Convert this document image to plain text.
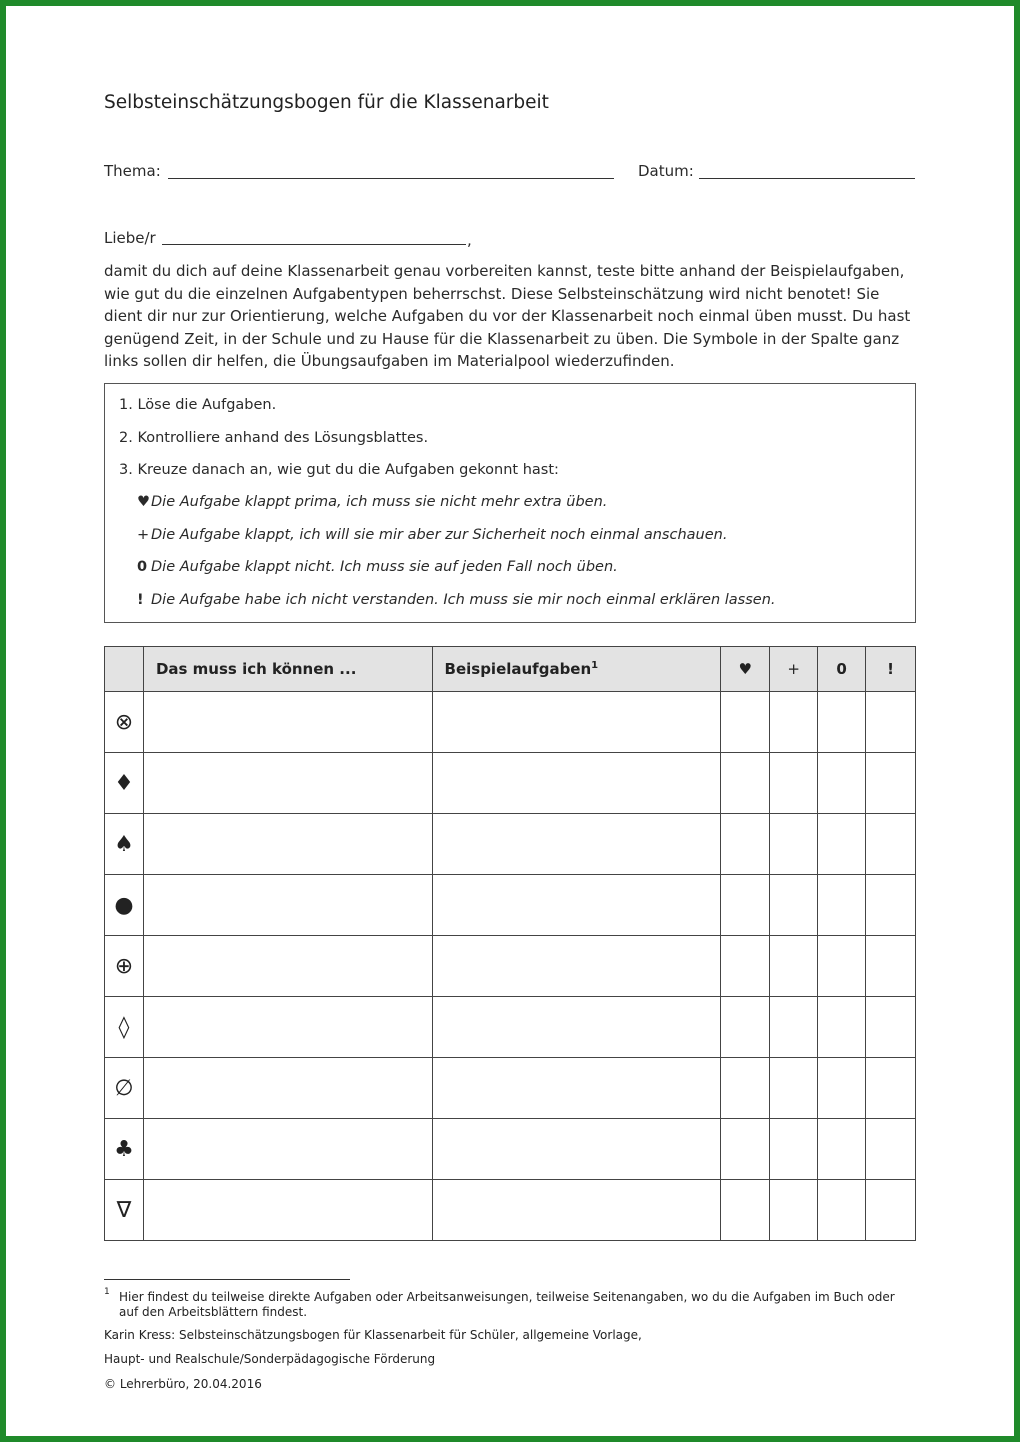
Selbsteinschätzungsbogen für die Klassenarbeit
Thema:	Datum:
Liebe/r	,
damit du dich auf deine Klassenarbeit genau vorbereiten kannst, teste bitte anhand der Beispielaufgaben, wie gut du die einzelnen Aufgabentypen beherrschst. Diese Selbsteinschätzung wird nicht benotet! Sie dient dir nur zur Orientierung, welche Aufgaben du vor der Klassenarbeit noch einmal üben musst. Du hast genügend Zeit, in der Schule und zu Hause für die Klassenarbeit zu üben. Die Symbole in der Spalte ganz links sollen dir helfen, die Übungsaufgaben im Materialpool wiederzufinden.
1. Löse die Aufgaben.
2. Kontrolliere anhand des Lösungsblattes.
3. Kreuze danach an, wie gut du die Aufgaben gekonnt hast:
♥Die Aufgabe klappt prima, ich muss sie nicht mehr extra üben.
+ Die Aufgabe klappt, ich will sie mir aber zur Sicherheit noch einmal anschauen.
0 Die Aufgabe klappt nicht. Ich muss sie auf jeden Fall noch üben.
! Die Aufgabe habe ich nicht verstanden. Ich muss sie mir noch einmal erklären lassen.
	Das muss ich können ...	Beispielaufgaben$^1$	♥	+	0	!
⊗						
♦						
♠						
●						
⊕						
◊						
∅						
♣						
∇						
1 Hier findest du teilweise direkte Aufgaben oder Arbeitsanweisungen, teilweise Seitenangaben, wo du die Aufgaben im Buch oder auf den Arbeitsblättern findest.
Karin Kress: Selbsteinschätzungsbogen für Klassenarbeit für Schüler, allgemeine Vorlage,
Haupt- und Realschule/Sonderpädagogische Förderung
© Lehrerbüro, 20.04.2016
